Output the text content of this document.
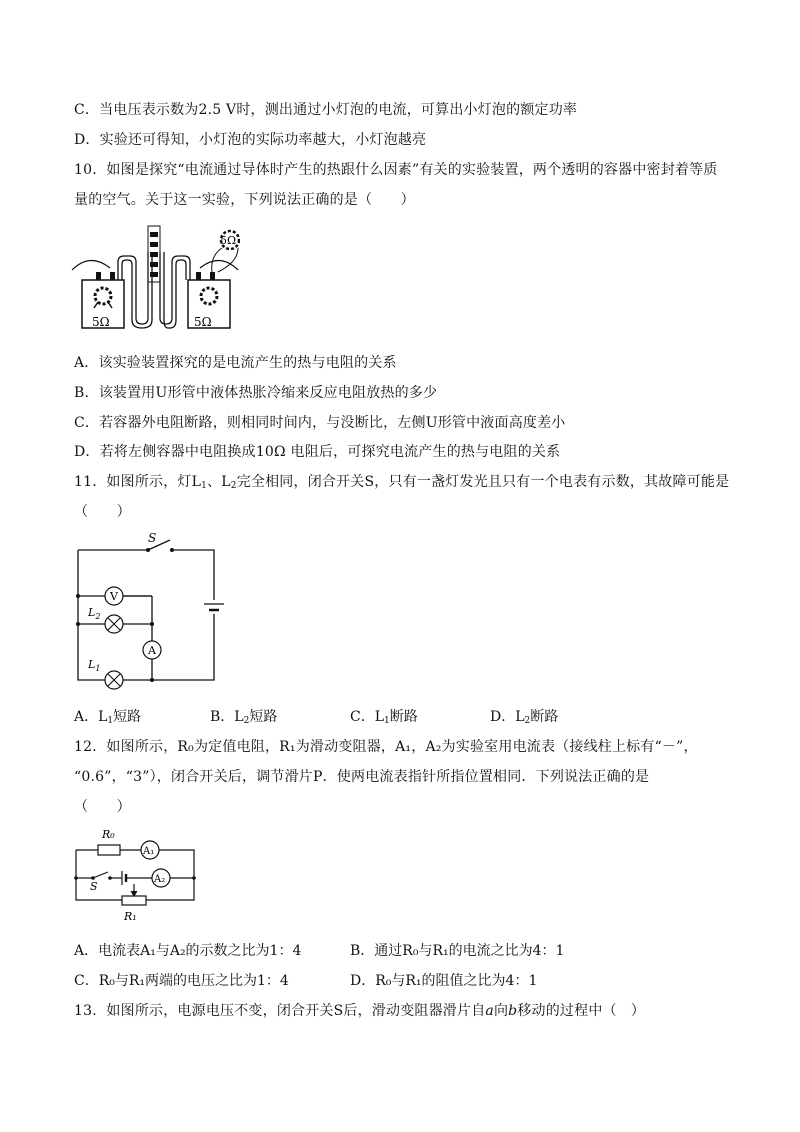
C．当电压表示数为2.5 V时，测出通过小灯泡的电流，可算出小灯泡的额定功率
D．实验还可得知，小灯泡的实际功率越大，小灯泡越亮
10．如图是探究“电流通过导体时产生的热跟什么因素”有关的实验装置，两个透明的容器中密封着等质
量的空气。关于这一实验，下列说法正确的是（　　）
5Ω	5Ω
5Ω
A．该实验装置探究的是电流产生的热与电阻的关系
B．该装置用U形管中液体热胀冷缩来反应电阻放热的多少
C．若容器外电阻断路，则相同时间内，与没断比，左侧U形管中液面高度差小
D．若将左侧容器中电阻换成10Ω 电阻后，可探究电流产生的热与电阻的关系
11．如图所示，灯$L_1$、$L_2$完全相同，闭合开关S，只有一盏灯发光且只有一个电表有示数，其故障可能是
（　　）
S
V
$L_2$
A
$L_1$
A．$L_1$短路	B．$L_2$短路	C．$L_1$断路	D．$L_2$断路
12．如图所示，R₀为定值电阻，R₁为滑动变阻器，A₁，A₂为实验室用电流表（接线柱上标有“－”，
“0.6”，“3”），闭合开关后，调节滑片P．使两电流表指针所指位置相同．下列说法正确的是
（　　）
R₀
A₁
A₂
S
R₁
A．电流表A₁与A₂的示数之比为1：4	B．通过R₀与R₁的电流之比为4：1
C．R₀与R₁两端的电压之比为1：4	D．R₀与R₁的阻值之比为4：1
13．如图所示，电源电压不变，闭合开关S后，滑动变阻器滑片自a向b移动的过程中（　）
